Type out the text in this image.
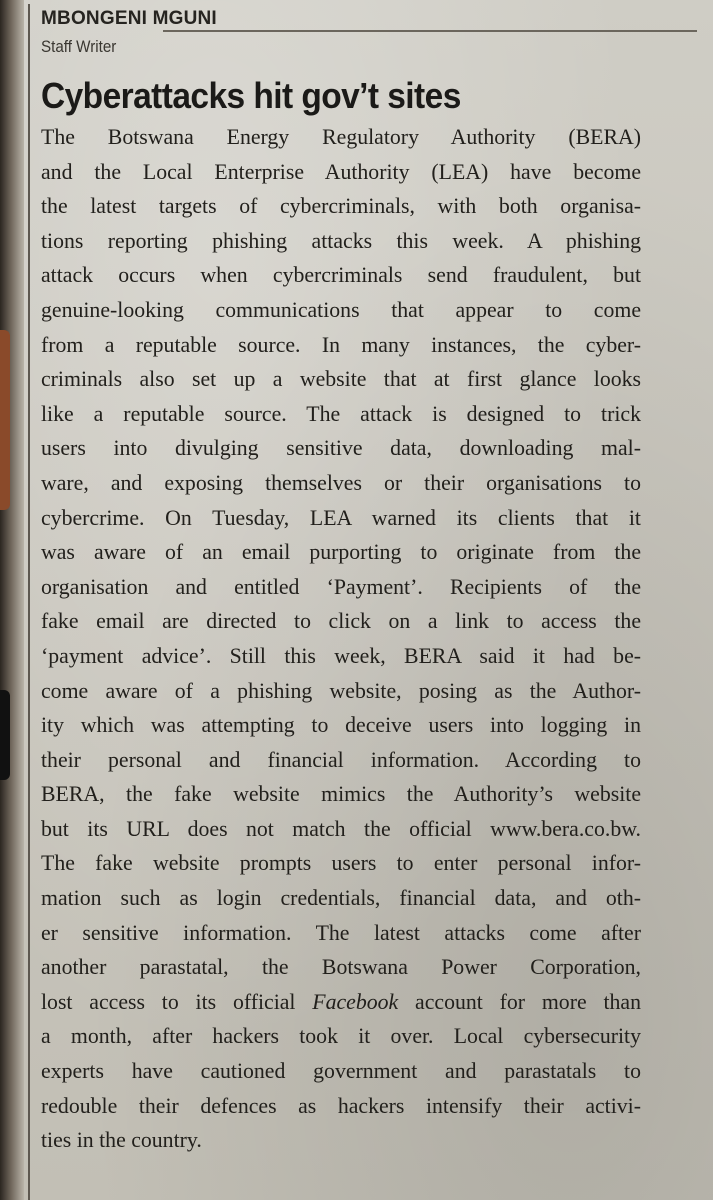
MBONGENI MGUNI

Staff Writer

Cyberattacks hit gov’t sites
The Botswana Energy Regulatory Authority (BERA)
and the Local Enterprise Authority (LEA) have become
the latest targets of cybercriminals, with both organisa-
tions reporting phishing attacks this week. A phishing
attack occurs when cybercriminals send fraudulent, but
genuine-looking communications that appear to come
from a reputable source. In many instances, the cyber-
criminals also set up a website that at first glance looks
like a reputable source. The attack is designed to trick
users into divulging sensitive data, downloading mal-
ware, and exposing themselves or their organisations to
cybercrime. On Tuesday, LEA warned its clients that it
was aware of an email purporting to originate from the
organisation and entitled ‘Payment’. Recipients of the
fake email are directed to click on a link to access the
‘payment advice’. Still this week, BERA said it had be-
come aware of a phishing website, posing as the Author-
ity which was attempting to deceive users into logging in
their personal and financial information. According to
BERA, the fake website mimics the Authority’s website
but its URL does not match the official www.bera.co.bw.
The fake website prompts users to enter personal infor-
mation such as login credentials, financial data, and oth-
er sensitive information. The latest attacks come after
another parastatal, the Botswana Power Corporation,
lost access to its official Facebook account for more than
a month, after hackers took it over. Local cybersecurity
experts have cautioned government and parastatals to
redouble their defences as hackers intensify their activi-
ties in the country.
